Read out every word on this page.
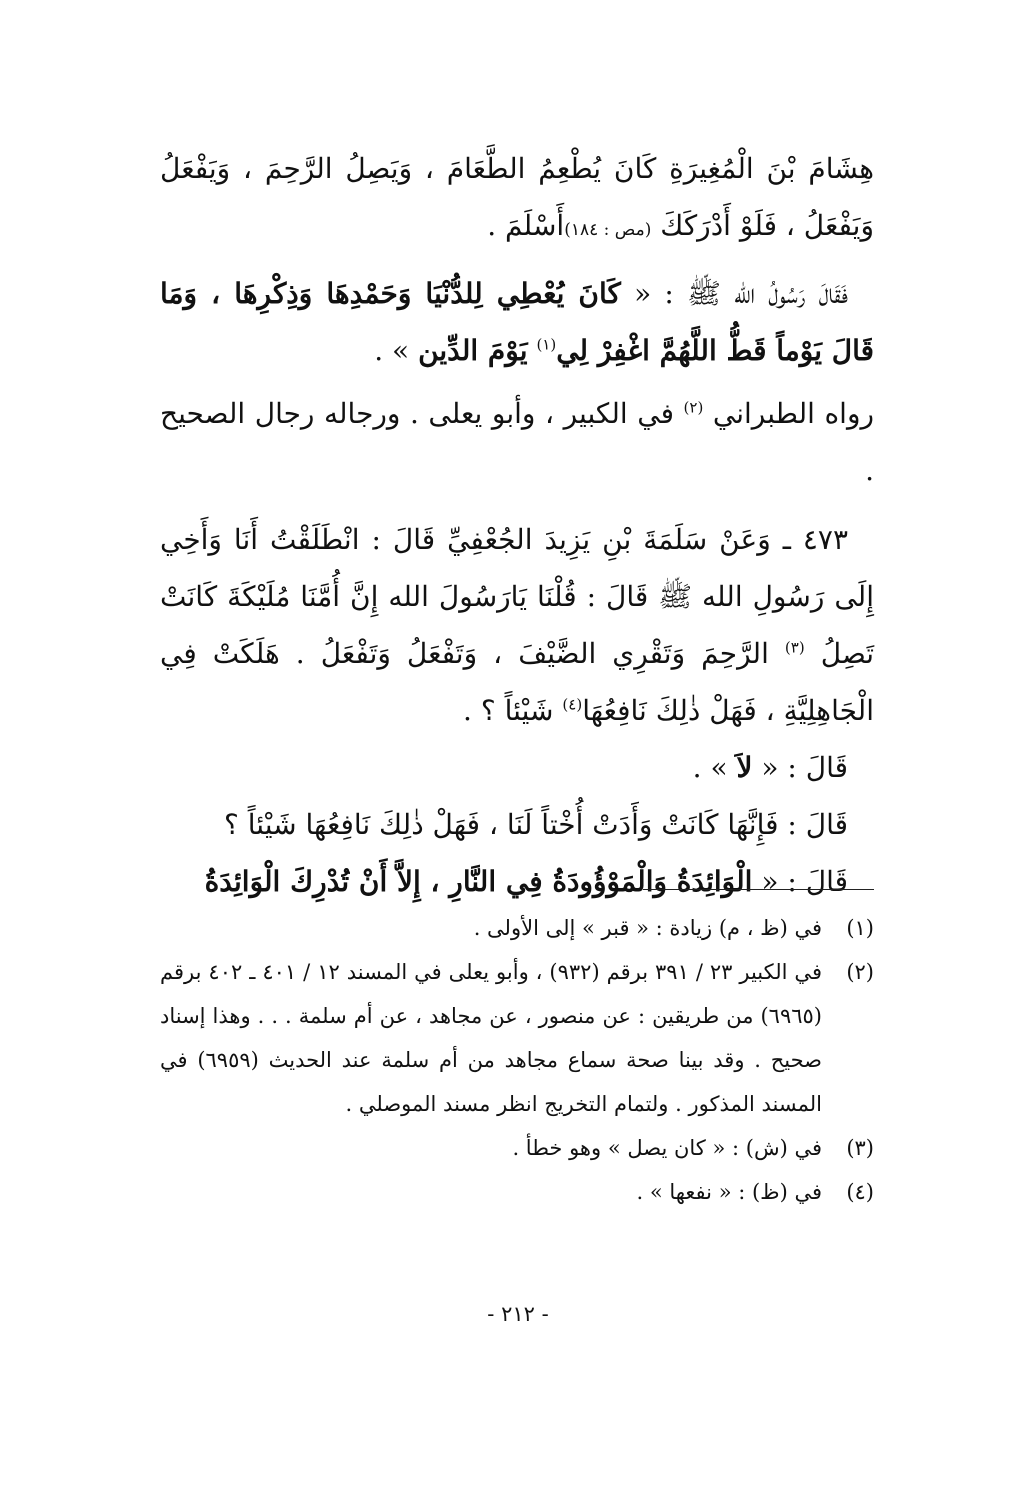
هِشَامَ بْنَ الْمُغِيرَةِ كَانَ يُطْعِمُ الطَّعَامَ ، وَيَصِلُ الرَّحِمَ ، وَيَفْعَلُ وَيَفْعَلُ ، فَلَوْ أَدْرَكَكَ (مص : ١٨٤)أَسْلَمَ .

فَقَالَ رَسُولُ الله ﷺ : « كَانَ يُعْطِي لِلدُّنْيَا وَحَمْدِهَا وَذِكْرِهَا ، وَمَا قَالَ يَوْماً قَطُّ اللَّهُمَّ اغْفِرْ لِي$^{(١)}$ يَوْمَ الدِّين » .

رواه الطبراني $^{(٢)}$ في الكبير ، وأبو يعلى . ورجاله رجال الصحيح .

٤٧٣ ـ وَعَنْ سَلَمَةَ بْنِ يَزِيدَ الجُعْفِيِّ قَالَ : انْطَلَقْتُ أَنَا وَأَخِي إِلَى رَسُولِ الله ﷺ قَالَ : قُلْنَا يَارَسُولَ الله إِنَّ أُمَّنَا مُلَيْكَةَ كَانَتْ تَصِلُ $^{(٣)}$ الرَّحِمَ وَتَقْرِي الضَّيْفَ ، وَتَفْعَلُ وَتَفْعَلُ . هَلَكَتْ فِي الْجَاهِلِيَّةِ ، فَهَلْ ذٰلِكَ نَافِعُهَا$^{(٤)}$ شَيْئاً ؟ .

قَالَ : « لاَ » .

قَالَ : فَإِنَّهَا كَانَتْ وَأَدَتْ أُخْتاً لَنَا ، فَهَلْ ذٰلِكَ نَافِعُهَا شَيْئاً ؟

قَالَ : « الْوَائِدَةُ وَالْمَوْؤُودَةُ فِي النَّارِ ، إِلاَّ أَنْ تُدْرِكَ الْوَائِدَةُ

(١)
في (ظ ، م) زيادة : « قبر » إلى الأولى .
(٢)
في الكبير ٢٣ / ٣٩١ برقم (٩٣٢) ، وأبو يعلى في المسند ١٢ / ٤٠١ ـ ٤٠٢ برقم (٦٩٦٥) من طريقين : عن منصور ، عن مجاهد ، عن أم سلمة . . . وهذا إسناد صحيح . وقد بينا صحة سماع مجاهد من أم سلمة عند الحديث (٦٩٥٩) في المسند المذكور . ولتمام التخريج انظر مسند الموصلي .
(٣)
في (ش) : « كان يصل » وهو خطأ .
(٤)
في (ظ) : « نفعها » .
- ٢١٢ -
